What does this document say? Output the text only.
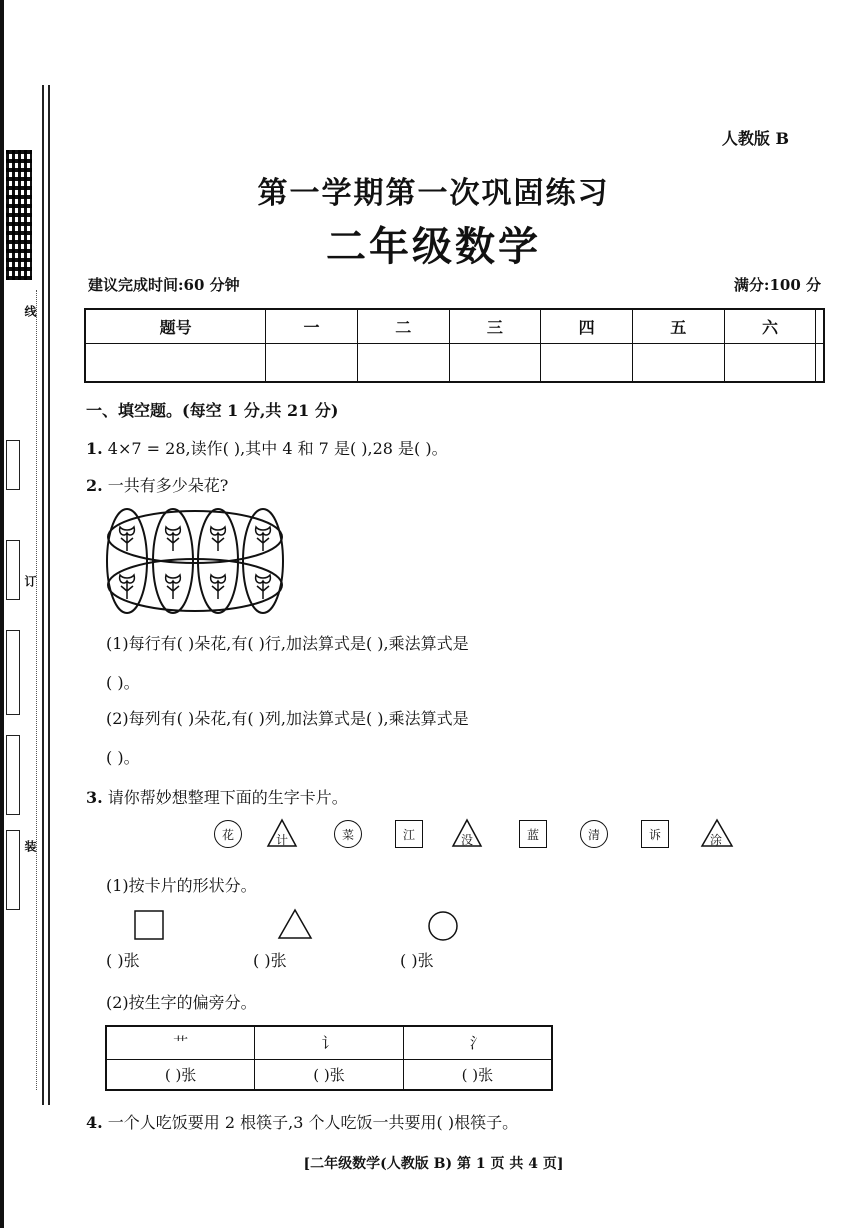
线
订
装
人教版 B
第一学期第一次巩固练习
二年级数学
建议完成时间:60 分钟	满分:100 分
题号	一	二	三	四	五	六	

一、填空题。(每空 1 分,共 21 分)
1. 4×7 = 28,读作( ),其中 4 和 7 是( ),28 是( )。
2. 一共有多少朵花?
(1)每行有( )朵花,有( )行,加法算式是( ),乘法算式是
( )。
(2)每列有( )朵花,有( )列,加法算式是( ),乘法算式是
( )。
3. 请你帮妙想整理下面的生字卡片。
花	计	菜	江	没	蓝	清	诉	涂
(1)按卡片的形状分。
( )张	( )张	( )张
(2)按生字的偏旁分。
艹	讠	氵
( )张	( )张	( )张
4. 一个人吃饭要用 2 根筷子,3 个人吃饭一共要用( )根筷子。
[二年级数学(人教版 B) 第 1 页 共 4 页]
